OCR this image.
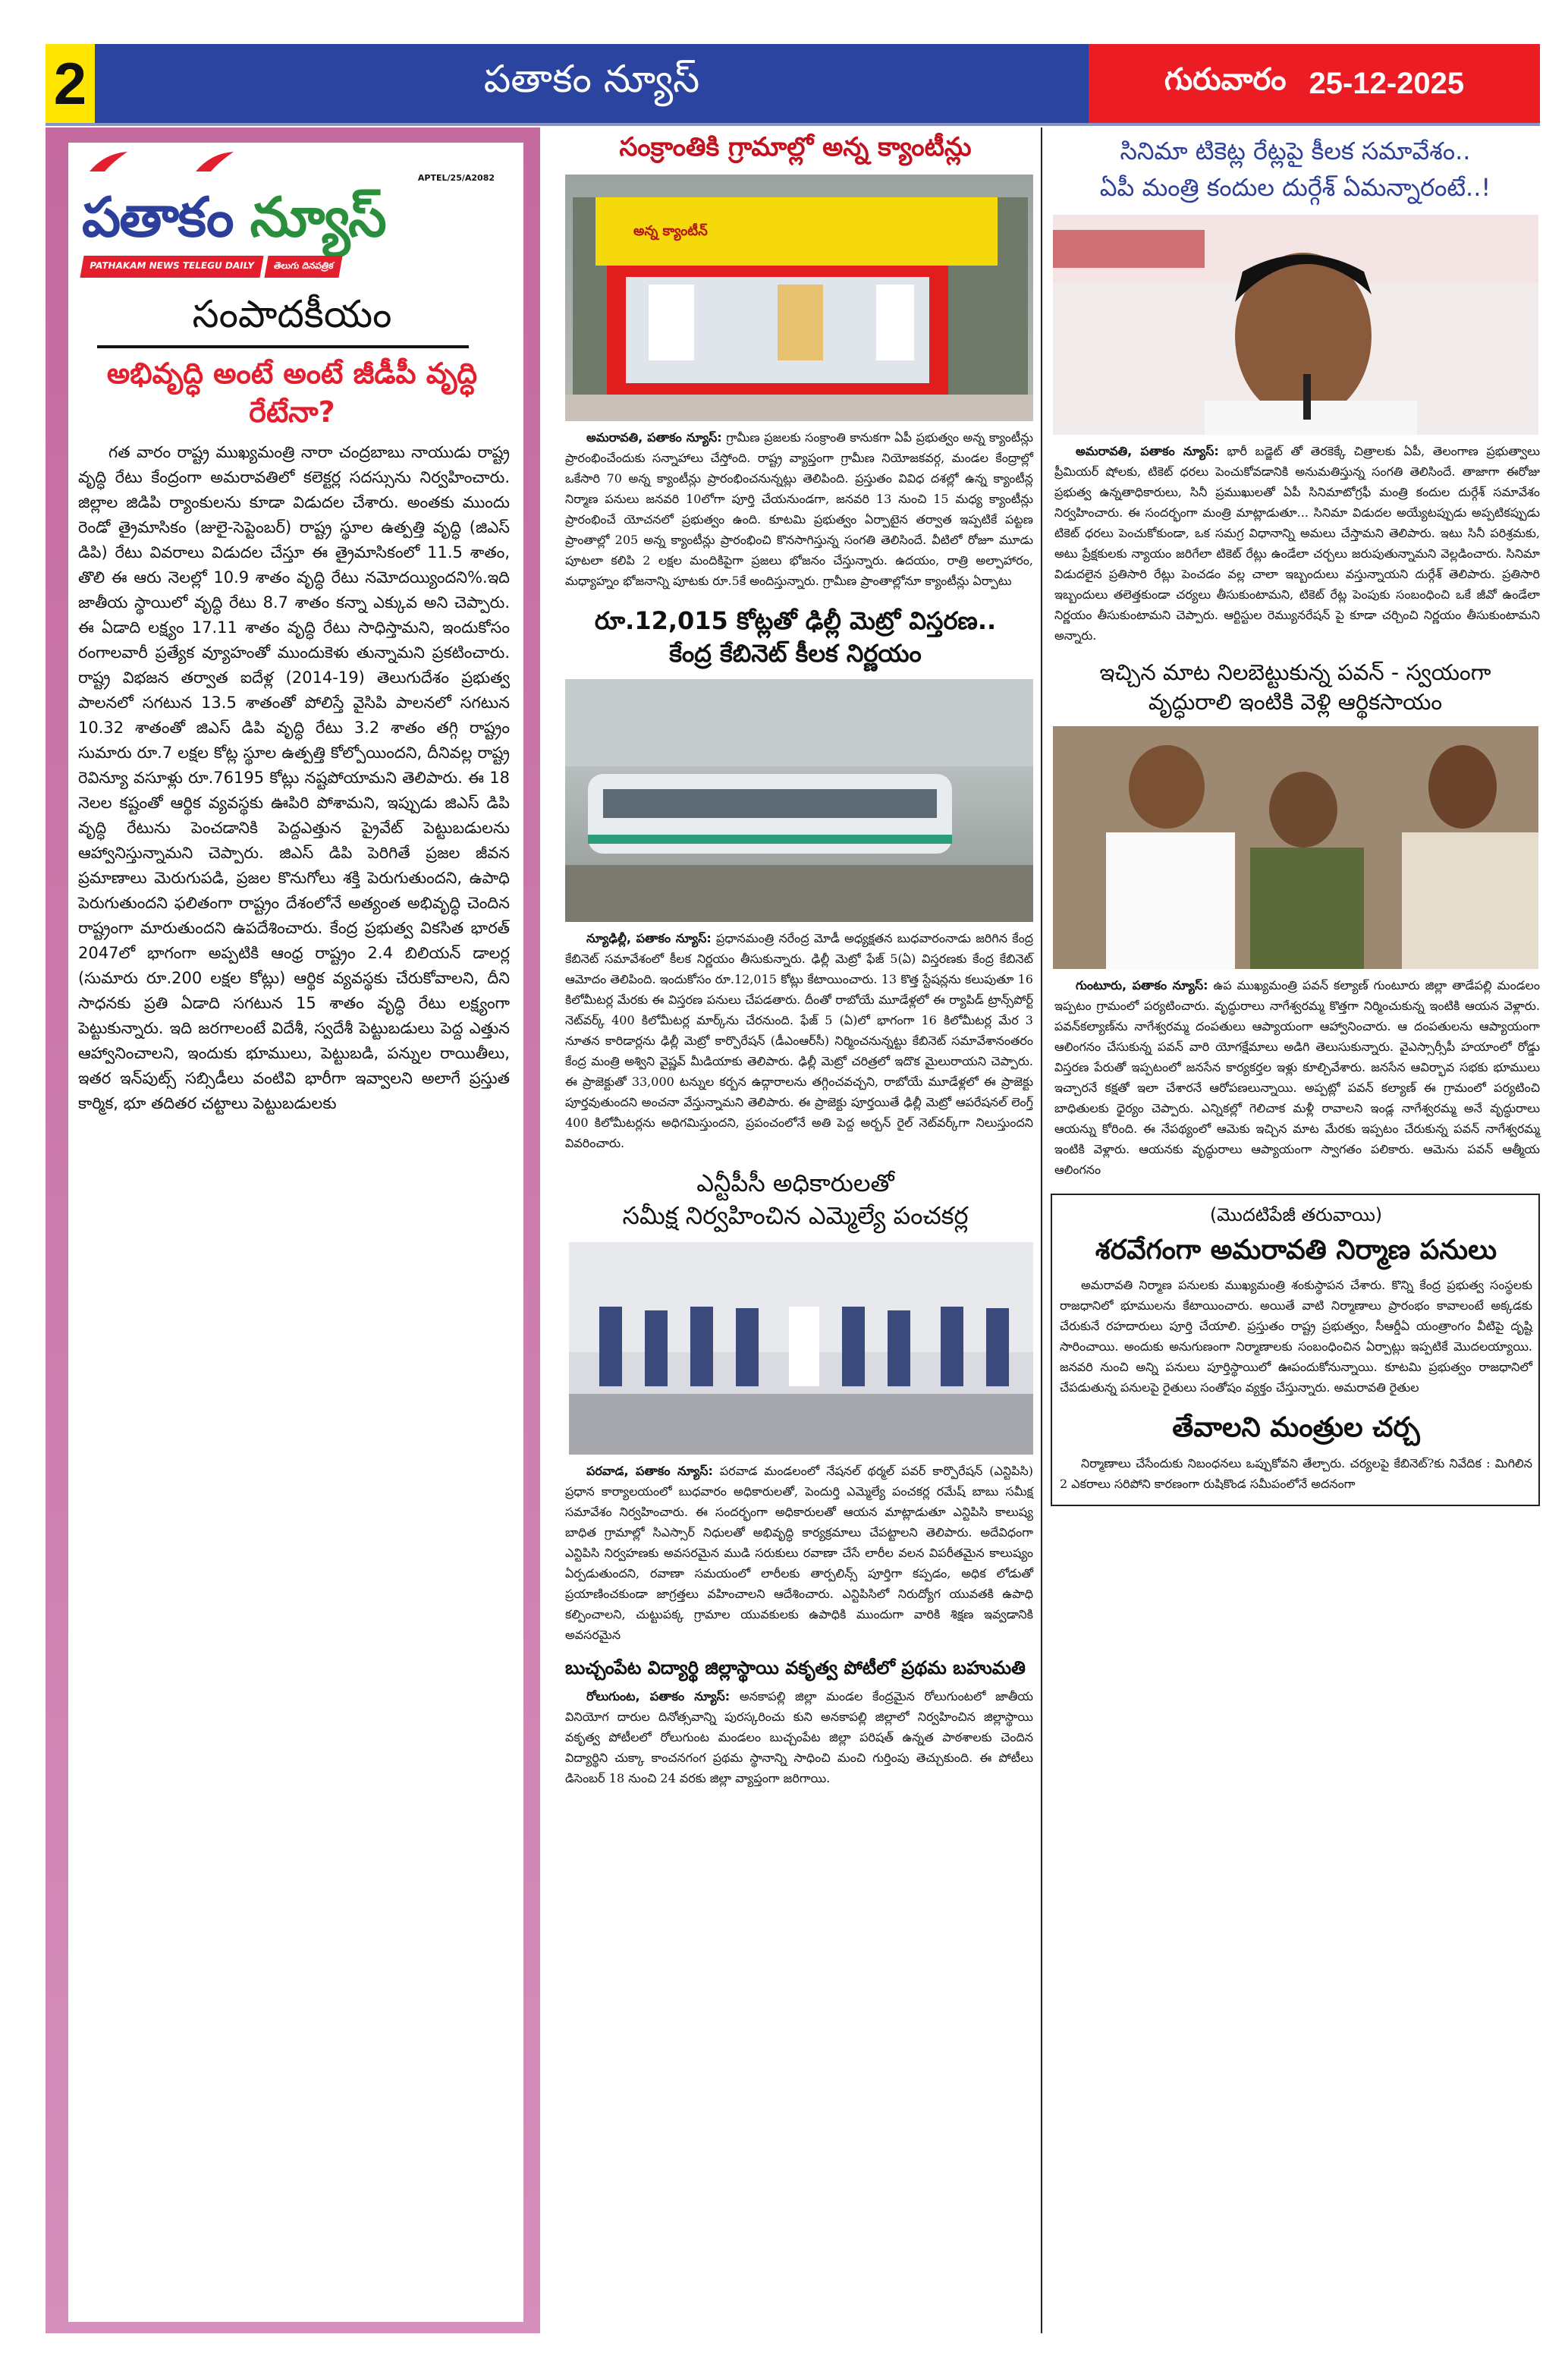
2	పతాకం న్యూస్	గురువారం 25-12-2025
APTEL/25/A2082
పతాకం న్యూస్
PATHAKAM NEWS TELEGU DAILY	తెలుగు దినపత్రిక
సంపాదకీయం
అభివృద్ధి అంటే అంటే జీడీపీ వృద్ధి రేటేనా?
గత వారం రాష్ట్ర ముఖ్యమంత్రి నారా చంద్రబాబు నాయుడు రాష్ట్ర వృద్ధి రేటు కేంద్రంగా అమరావతిలో కలెక్టర్ల సదస్సును నిర్వహించారు. జిల్లాల జిడిపి ర్యాంకులను కూడా విడుదల చేశారు. అంతకు ముందు రెండో త్రైమాసికం (జులై-సెప్టెంబర్) రాష్ట్ర స్థూల ఉత్పత్తి వృద్ధి (జిఎస్ డిపి) రేటు వివరాలు విడుదల చేస్తూ ఈ త్రైమాసికంలో 11.5 శాతం, తొలి ఈ ఆరు నెలల్లో 10.9 శాతం వృద్ధి రేటు నమోదయ్యిందని%.ఇది జాతీయ స్థాయిలో వృద్ధి రేటు 8.7 శాతం కన్నా ఎక్కువ అని చెప్పారు. ఈ ఏడాది లక్ష్యం 17.11 శాతం వృద్ధి రేటు సాధిస్తామని, ఇందుకోసం రంగాలవారీ ప్రత్యేక వ్యూహంతో ముందుకెళు తున్నామని ప్రకటించారు. రాష్ట్ర విభజన తర్వాత ఐదేళ్ల (2014-19) తెలుగుదేశం ప్రభుత్వ పాలనలో సగటున 13.5 శాతంతో పోలిస్తే వైసిపి పాలనలో సగటున 10.32 శాతంతో జిఎస్ డిపి వృద్ధి రేటు 3.2 శాతం తగ్గి రాష్ట్రం సుమారు రూ.7 లక్షల కోట్ల స్థూల ఉత్పత్తి కోల్పోయిందని, దీనివల్ల రాష్ట్ర రెవిన్యూ వసూళ్లు రూ.76195 కోట్లు నష్టపోయామని తెలిపారు. ఈ 18 నెలల కష్టంతో ఆర్థిక వ్యవస్థకు ఊపిరి పోశామని, ఇప్పుడు జిఎస్ డిపి వృద్ధి రేటును పెంచడానికి పెద్దఎత్తున ప్రైవేట్ పెట్టుబడులను ఆహ్వానిస్తున్నామని చెప్పారు. జిఎస్ డిపి పెరిగితే ప్రజల జీవన ప్రమాణాలు మెరుగుపడి, ప్రజల కొనుగోలు శక్తి పెరుగుతుందని, ఉపాధి పెరుగుతుందని ఫలితంగా రాష్ట్రం దేశంలోనే అత్యంత అభివృద్ధి చెందిన రాష్ట్రంగా మారుతుందని ఉపదేశించారు. కేంద్ర ప్రభుత్వ వికసిత భారత్ 2047లో భాగంగా అప్పటికి ఆంధ్ర రాష్ట్రం 2.4 బిలియన్ డాలర్ల (సుమారు రూ.200 లక్షల కోట్లు) ఆర్థిక వ్యవస్థకు చేరుకోవాలని, దీని సాధనకు ప్రతి ఏడాది సగటున 15 శాతం వృద్ధి రేటు లక్ష్యంగా పెట్టుకున్నారు. ఇది జరగాలంటే విదేశీ, స్వదేశీ పెట్టుబడులు పెద్ద ఎత్తున ఆహ్వానించాలని, ఇందుకు భూములు, పెట్టుబడి, పన్నుల రాయితీలు, ఇతర ఇన్‌పుట్స్ సబ్సిడీలు వంటివి భారీగా ఇవ్వాలని అలాగే ప్రస్తుత కార్మిక, భూ తదితర చట్టాలు పెట్టుబడులకు
సంక్రాంతికి గ్రామాల్లో అన్న క్యాంటీన్లు
అన్న క్యాంటీన్
అమరావతి, పతాకం న్యూస్: గ్రామీణ ప్రజలకు సంక్రాంతి కానుకగా ఏపీ ప్రభుత్వం అన్న క్యాంటీన్లు ప్రారంభించేందుకు సన్నాహాలు చేస్తోంది. రాష్ట్ర వ్యాప్తంగా గ్రామీణ నియోజకవర్గ, మండల కేంద్రాల్లో ఒకేసారి 70 అన్న క్యాంటీన్లు ప్రారంభించనున్నట్లు తెలిపింది. ప్రస్తుతం వివిధ దశల్లో ఉన్న క్యాంటీన్ల నిర్మాణ పనులు జనవరి 10లోగా పూర్తి చేయనుండగా, జనవరి 13 నుంచి 15 మధ్య క్యాంటీన్లు ప్రారంభించే యోచనలో ప్రభుత్వం ఉంది. కూటమి ప్రభుత్వం ఏర్పాటైన తర్వాత ఇప్పటికే పట్టణ ప్రాంతాల్లో 205 అన్న క్యాంటీన్లు ప్రారంభించి కొనసాగిస్తున్న సంగతి తెలిసిందే. వీటిలో రోజూ మూడు పూటలా కలిపి 2 లక్షల మందికిపైగా ప్రజలు భోజనం చేస్తున్నారు. ఉదయం, రాత్రి అల్పాహారం, మధ్యాహ్నం భోజనాన్ని పూటకు రూ.5కే అందిస్తున్నారు. గ్రామీణ ప్రాంతాల్లోనూ క్యాంటీన్లు ఏర్పాటు
రూ.12,015 కోట్లతో ఢిల్లీ మెట్రో విస్తరణ..
కేంద్ర కేబినెట్ కీలక నిర్ణయం
న్యూఢిల్లీ, పతాకం న్యూస్: ప్రధానమంత్రి నరేంద్ర మోడీ అధ్యక్షతన బుధవారంనాడు జరిగిన కేంద్ర కేబినెట్ సమావేశంలో కీలక నిర్ణయం తీసుకున్నారు. ఢిల్లీ మెట్రో ఫేజ్ 5(ఏ) విస్తరణకు కేంద్ర కేబినెట్ ఆమోదం తెలిపింది. ఇందుకోసం రూ.12,015 కోట్లు కేటాయించారు. 13 కొత్త స్టేషన్లను కలుపుతూ 16 కిలోమీటర్ల మేరకు ఈ విస్తరణ పనులు చేపడతారు. దీంతో రాబోయే మూడేళ్లలో ఈ ర్యాపిడ్ ట్రాన్స్‌పోర్ట్ నెట్‌వర్క్ 400 కిలోమీటర్ల మార్క్‌ను చేరనుంది. ఫేజ్ 5 (ఏ)లో భాగంగా 16 కిలోమీటర్ల మేర 3 నూతన కారిడార్లను ఢిల్లీ మెట్రో కార్పొరేషన్ (డీఎంఆర్‌సీ) నిర్మించనున్నట్టు కేబినెట్ సమావేశానంతరం కేంద్ర మంత్రి అశ్విని వైష్ణవ్ మీడియాకు తెలిపారు. ఢిల్లీ మెట్రో చరిత్రలో ఇదొక మైలురాయని చెప్పారు. ఈ ప్రాజెక్టుతో 33,000 టన్నుల కర్బన ఉద్గారాలను తగ్గించవచ్చని, రాబోయే మూడేళ్లలో ఈ ప్రాజెక్టు పూర్తవుతుందని అంచనా వేస్తున్నామని తెలిపారు. ఈ ప్రాజెక్టు పూర్తయితే ఢిల్లీ మెట్రో ఆపరేషనల్ లెంగ్త్ 400 కిలోమీటర్లను అధిగమిస్తుందని, ప్రపంచంలోనే అతి పెద్ద అర్బన్ రైల్ నెట్‌వర్క్‌గా నిలుస్తుందని వివరించారు.
ఎన్టీపీసీ అధికారులతో
సమీక్ష నిర్వహించిన ఎమ్మెల్యే పంచకర్ల
పరవాడ, పతాకం న్యూస్: పరవాడ మండలంలో నేషనల్ థర్మల్ పవర్ కార్పొరేషన్ (ఎన్టిపిసి) ప్రధాన కార్యాలయంలో బుధవారం అధికారులతో, పెందుర్తి ఎమ్మెల్యే పంచకర్ల రమేష్ బాబు సమీక్ష సమావేశం నిర్వహించారు. ఈ సందర్భంగా అధికారులతో ఆయన మాట్లాడుతూ ఎన్టిపిసి కాలుష్య బాధిత గ్రామాల్లో సిఎస్సార్ నిధులతో అభివృద్ధి కార్యక్రమాలు చేపట్టాలని తెలిపారు. అదేవిధంగా ఎన్టిపిసి నిర్వహణకు అవసరమైన ముడి సరుకులు రవాణా చేసే లారీల వలన విపరీతమైన కాలుష్యం ఏర్పడుతుందని, రవాణా సమయంలో లారీలకు తార్పలిన్స్ పూర్తిగా కప్పడం, అధిక లోడుతో ప్రయాణించకుండా జాగ్రత్తలు వహించాలని ఆదేశించారు. ఎన్టిపిసిలో నిరుద్యోగ యువతకి ఉపాధి కల్పించాలని, చుట్టుపక్క గ్రామాల యువకులకు ఉపాధికి ముందుగా వారికి శిక్షణ ఇవ్వడానికి అవసరమైన
బుచ్చంపేట విద్యార్థి జిల్లాస్థాయి వకృత్వ పోటీలో ప్రథమ బహుమతి
రోలుగుంట, పతాకం న్యూస్: అనకాపల్లి జిల్లా మండల కేంద్రమైన రోలుగుంటలో జాతీయ వినియోగ దారుల దినోత్సవాన్ని పురస్కరించు కుని అనకాపల్లి జిల్లాలో నిర్వహించిన జిల్లాస్థాయి వకృత్వ పోటీలలో రోలుగుంట మండలం బుచ్చంపేట జిల్లా పరిషత్ ఉన్నత పాఠశాలకు చెందిన విద్యార్థిని చుక్కా కాంచనగంగ ప్రథమ స్థానాన్ని సాధించి మంచి గుర్తింపు తెచ్చుకుంది. ఈ పోటీలు డిసెంబర్ 18 నుంచి 24 వరకు జిల్లా వ్యాప్తంగా జరిగాయి.
సినిమా టికెట్ల రేట్లపై కీలక సమావేశం..
ఏపీ మంత్రి కందుల దుర్గేశ్ ఏమన్నారంటే..!
అమరావతి, పతాకం న్యూస్: భారీ బడ్జెట్ తో తెరకెక్కే చిత్రాలకు ఏపీ, తెలంగాణ ప్రభుత్వాలు ప్రీమియర్ షోలకు, టికెట్ ధరలు పెంచుకోవడానికి అనుమతిస్తున్న సంగతి తెలిసిందే. తాజాగా ఈరోజు ప్రభుత్వ ఉన్నతాధికారులు, సినీ ప్రముఖులతో ఏపీ సినిమాటోగ్రఫీ మంత్రి కందుల దుర్గేశ్ సమావేశం నిర్వహించారు. ఈ సందర్భంగా మంత్రి మాట్లాడుతూ... సినిమా విడుదల అయ్యేటప్పుడు అప్పటికప్పుడు టికెట్ ధరలు పెంచుకోకుండా, ఒక సమగ్ర విధానాన్ని అమలు చేస్తామని తెలిపారు. ఇటు సినీ పరిశ్రమకు, అటు ప్రేక్షకులకు న్యాయం జరిగేలా టికెట్ రేట్లు ఉండేలా చర్చలు జరుపుతున్నామని వెల్లడించారు. సినిమా విడుదలైన ప్రతిసారి రేట్లు పెంచడం వల్ల చాలా ఇబ్బందులు వస్తున్నాయని దుర్గేశ్ తెలిపారు. ప్రతిసారి ఇబ్బందులు తలెత్తకుండా చర్యలు తీసుకుంటామని, టికెట్ రేట్ల పెంపుకు సంబంధించి ఒకే జీవో ఉండేలా నిర్ణయం తీసుకుంటామని చెప్పారు. ఆర్టిస్టుల రెమ్యునరేషన్ పై కూడా చర్చించి నిర్ణయం తీసుకుంటామని అన్నారు.
ఇచ్చిన మాట నిలబెట్టుకున్న పవన్ - స్వయంగా
వృద్ధురాలి ఇంటికి వెళ్లి ఆర్థికసాయం
గుంటూరు, పతాకం న్యూస్: ఉప ముఖ్యమంత్రి పవన్ కల్యాణ్ గుంటూరు జిల్లా తాడేపల్లి మండలం ఇప్పటం గ్రామంలో పర్యటించారు. వృద్ధురాలు నాగేశ్వరమ్మ కొత్తగా నిర్మించుకున్న ఇంటికి ఆయన వెళ్లారు. పవన్‌కల్యాణ్‌ను నాగేశ్వరమ్మ దంపతులు ఆప్యాయంగా ఆహ్వానించారు. ఆ దంపతులను ఆప్యాయంగా ఆలింగనం చేసుకున్న పవన్ వారి యోగక్షేమాలు అడిగి తెలుసుకున్నారు. వైఎస్సార్సీపీ హయాంలో రోడ్డు విస్తరణ పేరుతో ఇప్పటంలో జనసేన కార్యకర్తల ఇళ్లు కూల్చివేశారు. జనసేన ఆవిర్భావ సభకు భూములు ఇచ్చారనే కక్షతో ఇలా చేశారనే ఆరోపణలున్నాయి. అప్పట్లో పవన్ కల్యాణ్ ఈ గ్రామంలో పర్యటించి బాధితులకు ధైర్యం చెప్పారు. ఎన్నికల్లో గెలిచాక మళ్లీ రావాలని ఇండ్ల నాగేశ్వరమ్మ అనే వృద్ధురాలు ఆయన్ను కోరింది. ఈ నేపథ్యంలో ఆమెకు ఇచ్చిన మాట మేరకు ఇప్పటం చేరుకున్న పవన్ నాగేశ్వరమ్మ ఇంటికి వెళ్లారు. ఆయనకు వృద్ధురాలు ఆప్యాయంగా స్వాగతం పలికారు. ఆమెను పవన్ ఆత్మీయ ఆలింగనం
(మొదటిపేజీ తరువాయి)
శరవేగంగా అమరావతి నిర్మాణ పనులు
అమరావతి నిర్మాణ పనులకు ముఖ్యమంత్రి శంకుస్థాపన చేశారు. కొన్ని కేంద్ర ప్రభుత్వ సంస్థలకు రాజధానిలో భూములను కేటాయించారు. అయితే వాటి నిర్మాణాలు ప్రారంభం కావాలంటే అక్కడకు చేరుకునే రహదారులు పూర్తి చేయాలి. ప్రస్తుతం రాష్ట్ర ప్రభుత్వం, సీఆర్డీఏ యంత్రాంగం వీటిపై దృష్టి సారించాయి. అందుకు అనుగుణంగా నిర్మాణాలకు సంబంధించిన ఏర్పాట్లు ఇప్పటికే మొదలయ్యాయి. జనవరి నుంచి అన్ని పనులు పూర్తిస్థాయిలో ఊపందుకోనున్నాయి. కూటమి ప్రభుత్వం రాజధానిలో చేపడుతున్న పనులపై రైతులు సంతోషం వ్యక్తం చేస్తున్నారు. అమరావతి రైతుల
తేవాలని మంత్రుల చర్చ
నిర్మాణాలు చేసేందుకు నిబంధనలు ఒప్పుకోవని తేల్చారు. చర్యలపై కేబినెట్?కు నివేదిక : మిగిలిన 2 ఎకరాలు సరిపోని కారణంగా రుషికొండ సమీపంలోనే అదనంగా
